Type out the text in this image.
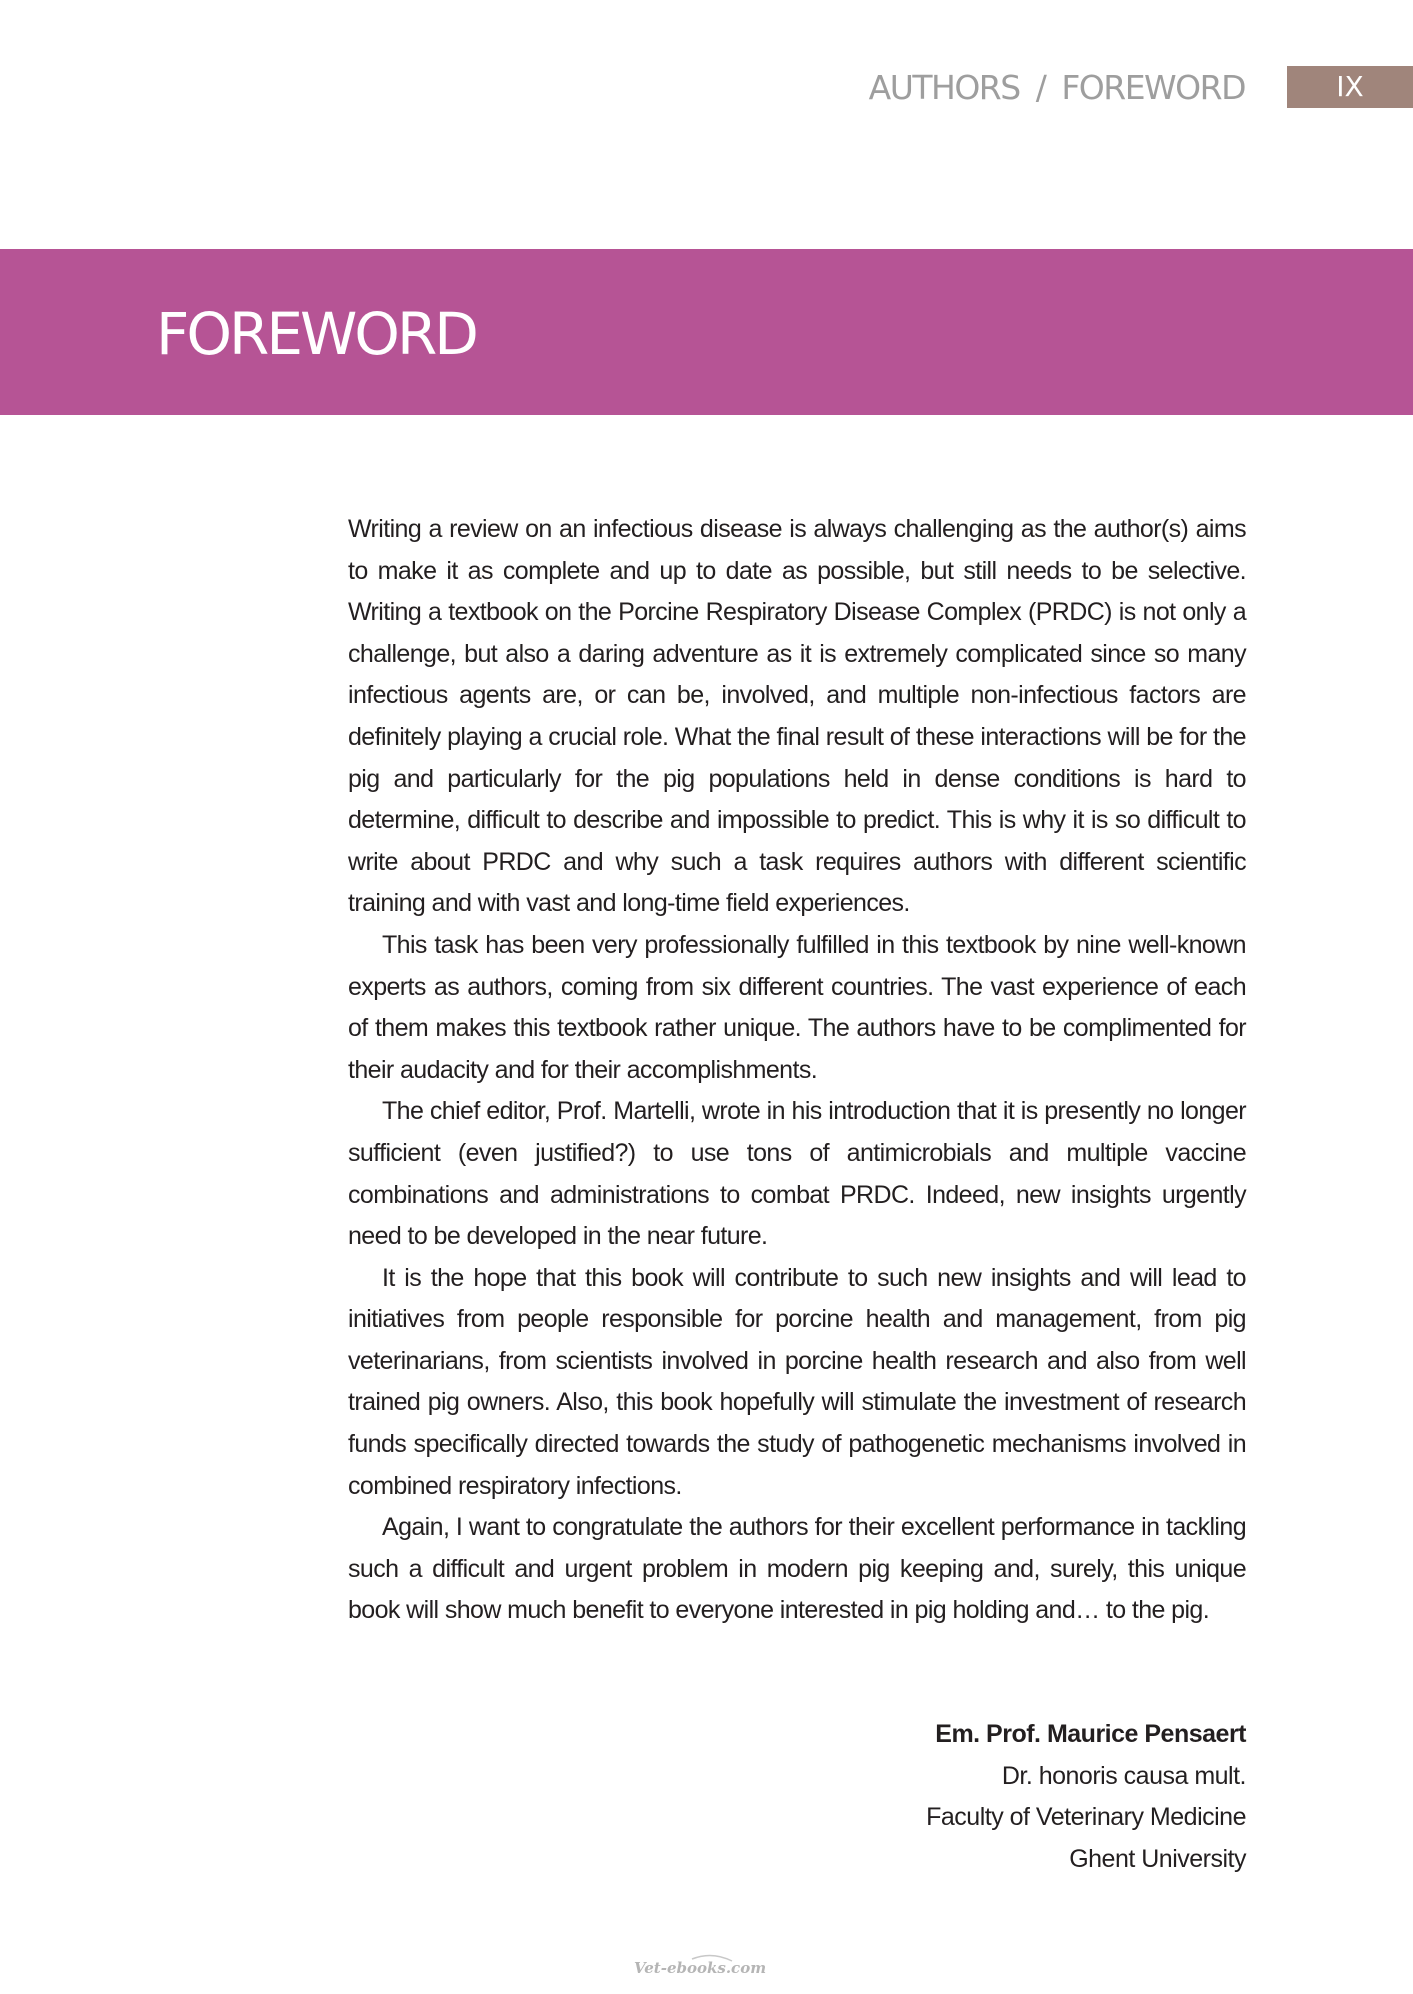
AUTHORS / FOREWORD	IX
FOREWORD

Writing a review on an infectious disease is always challenging as the author(s) aims to make it as complete and up to date as possible, but still needs to be selective. Writing a textbook on the Porcine Respiratory Disease Complex (PRDC) is not only a challenge, but also a daring adventure as it is extremely complicated since so many infectious agents are, or can be, involved, and multiple non-infectious factors are definitely playing a crucial role. What the final result of these interactions will be for the pig and particularly for the pig populations held in dense conditions is hard to determine, difficult to describe and impossible to predict. This is why it is so difficult to write about PRDC and why such a task requires authors with different scientific training and with vast and long-time field experiences.

This task has been very professionally fulfilled in this textbook by nine well-known experts as authors, coming from six different countries. The vast experience of each of them makes this textbook rather unique. The authors have to be complimented for their audacity and for their accomplishments.

The chief editor, Prof. Martelli, wrote in his introduction that it is presently no longer sufficient (even justified?) to use tons of antimicrobials and multiple vaccine combinations and administrations to combat PRDC. Indeed, new insights urgently need to be developed in the near future.

It is the hope that this book will contribute to such new insights and will lead to initiatives from people responsible for porcine health and management, from pig veterinarians, from scientists involved in porcine health research and also from well trained pig owners. Also, this book hopefully will stimulate the investment of research funds specifically directed towards the study of pathogenetic mechanisms involved in combined respiratory infections.

Again, I want to congratulate the authors for their excellent performance in tackling such a difficult and urgent problem in modern pig keeping and, surely, this unique book will show much benefit to everyone interested in pig holding and… to the pig.

Em. Prof. Maurice Pensaert
Dr. honoris causa mult.
Faculty of Veterinary Medicine
Ghent University
Vet-ebooks.com
